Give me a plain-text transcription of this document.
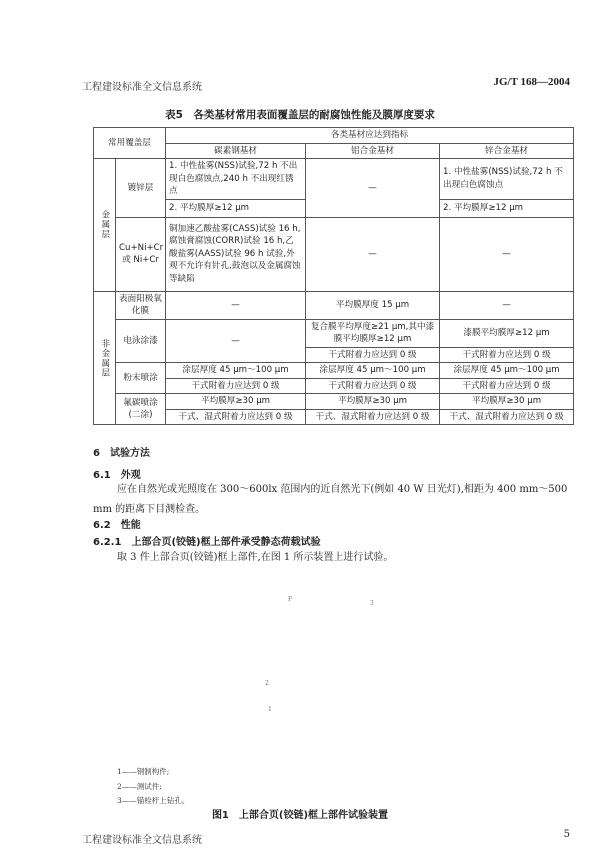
工程建设标准全文信息系统	JG/T 168—2004
表5　各类基材常用表面覆盖层的耐腐蚀性能及膜厚度要求
常用覆盖层		各类基材应达到指标		
		碳素钢基材	铝合金基材	锌合金基材
金属层	镀锌层	1. 中性盐雾(NSS)试验,72 h 不出现白色腐蚀点,240 h 不出现红锈点	—	1. 中性盐雾(NSS)试验,72 h 不出现白色腐蚀点
		2. 平均膜厚≥12 μm		2. 平均膜厚≥12 μm
	Cu+Ni+Cr 或 Ni+Cr	铜加速乙酸盐雾(CASS)试验 16 h,腐蚀膏腐蚀(CORR)试验 16 h,乙酸盐雾(AASS)试验 96 h 试验,外观不允许有针孔,鼓泡以及金属腐蚀等缺陷	—	—
非金属层	表面阳极氧化膜	—	平均膜厚度 15 μm	—
	电泳涂漆	—	复合膜平均厚度≥21 μm,其中漆膜平均膜厚≥12 μm	漆膜平均膜厚≥12 μm
			干式附着力应达到 0 级	干式附着力应达到 0 级
	粉末喷涂	涂层厚度 45 μm～100 μm	涂层厚度 45 μm～100 μm	涂层厚度 45 μm～100 μm
		干式附着力应达到 0 级	干式附着力应达到 0 级	干式附着力应达到 0 级
	氟碳喷涂(二涂)	平均膜厚≥30 μm	平均膜厚≥30 μm	平均膜厚≥30 μm
		干式、湿式附着力应达到 0 级	干式、湿式附着力应达到 0 级	干式、湿式附着力应达到 0 级
6　试验方法
6.1　外观
应在自然光或光照度在 300～600lx 范围内的近自然光下(例如 40 W 日光灯),相距为 400 mm～500 mm 的距离下目测检查。
6.2　性能
6.2.1　上部合页(铰链)框上部件承受静态荷载试验
取 3 件上部合页(铰链)框上部件,在图 1 所示装置上进行试验。
F
3
2
1
1——钢制构件;
2——测试件;
3——锚栓杆上钻孔。
图1　上部合页(铰链)框上部件试验装置
工程建设标准全文信息系统
5
